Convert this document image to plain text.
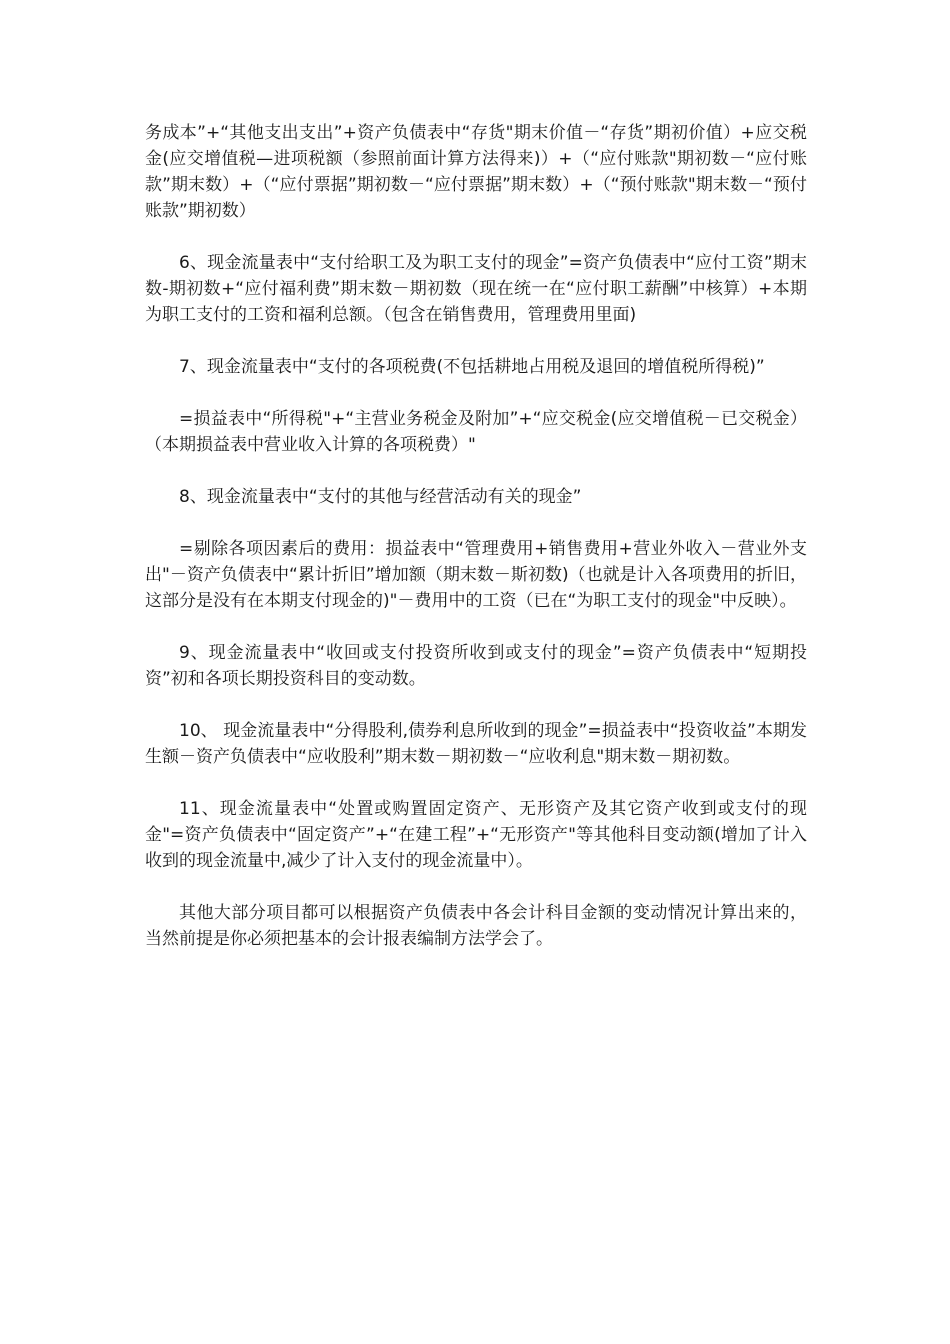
务成本”+“其他支出支出”+资产负债表中“存货"期末价值－“存货”期初价值）+应交税金(应交增值税—进项税额（参照前面计算方法得来)）+（“应付账款"期初数－“应付账款”期末数）+（“应付票据”期初数－“应付票据”期末数）+（“预付账款"期末数－“预付账款”期初数）

6、现金流量表中“支付给职工及为职工支付的现金”=资产负债表中“应付工资”期末数-期初数+“应付福利费”期末数－期初数（现在统一在“应付职工薪酬”中核算）+本期为职工支付的工资和福利总额。（包含在销售费用，管理费用里面)

7、现金流量表中“支付的各项税费(不包括耕地占用税及退回的增值税所得税)”

=损益表中“所得税"+“主营业务税金及附加”+“应交税金(应交增值税－已交税金）（本期损益表中营业收入计算的各项税费）"

8、现金流量表中“支付的其他与经营活动有关的现金”

=剔除各项因素后的费用：损益表中“管理费用+销售费用+营业外收入－营业外支出"－资产负债表中“累计折旧”增加额（期末数－斯初数)（也就是计入各项费用的折旧，这部分是没有在本期支付现金的)"－费用中的工资（已在“为职工支付的现金"中反映）。

9、现金流量表中“收回或支付投资所收到或支付的现金”=资产负债表中“短期投资”初和各项长期投资科目的变动数。

10、 现金流量表中“分得股利,债券利息所收到的现金”=损益表中“投资收益”本期发生额－资产负债表中“应收股利”期末数－期初数－“应收利息"期末数－期初数。

11、现金流量表中“处置或购置固定资产、无形资产及其它资产收到或支付的现金"=资产负债表中“固定资产”+“在建工程”+“无形资产"等其他科目变动额(增加了计入收到的现金流量中,减少了计入支付的现金流量中）。

其他大部分项目都可以根据资产负债表中各会计科目金额的变动情况计算出来的，当然前提是你必须把基本的会计报表编制方法学会了。
